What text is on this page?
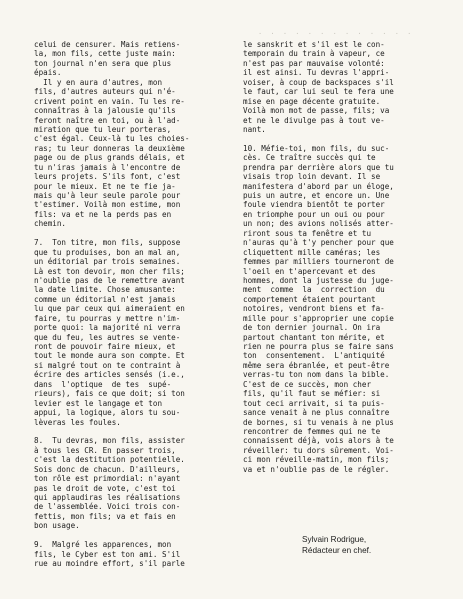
· · · · · · · · · · · · ·
celui de censurer. Mais retiens-
la, mon fils, cette juste main:
ton journal n'en sera que plus
épais.
Il y en aura d'autres, mon
fils, d'autres auteurs qui n'é-
crivent point en vain. Tu les re-
connaîtras à la jalousie qu'ils
feront naître en toi, ou à l'ad-
miration que tu leur porteras,
c'est égal. Ceux-là tu les choies-
ras; tu leur donneras la deuxième
page ou de plus grands délais, et
tu n'iras jamais à l'encontre de
leurs projets. S'ils font, c'est
pour le mieux. Et ne te fie ja-
mais qu'à leur seule parole pour
t'estimer. Voilà mon estime, mon
fils: va et ne la perds pas en
chemin.
7.  Ton titre, mon fils, suppose
que tu produises, bon an mal an,
un éditorial par trois semaines.
Là est ton devoir, mon cher fils;
n'oublie pas de le remettre avant
la date limite. Chose amusante:
comme un éditorial n'est jamais
lu que par ceux qui aimeraient en
faire, tu pourras y mettre n'im-
porte quoi: la majorité ni verra
que du feu, les autres se vente-
ront de pouvoir faire mieux, et
tout le monde aura son compte. Et
si malgré tout on te contraint à
écrire des articles sensés (i.e.,
dans  l'optique  de tes  supé-
rieurs), fais ce que doit; si ton
levier est le langage et ton
appui, la logique, alors tu sou-
lèveras les foules.
8.  Tu devras, mon fils, assister
à tous les CR. En passer trois,
c'est la destitution potentielle.
Sois donc de chacun. D'ailleurs,
ton rôle est primordial: n'ayant
pas le droit de vote, c'est toi
qui applaudiras les réalisations
de l'assemblée. Voici trois con-
fettis, mon fils; va et fais en
bon usage.
9.  Malgré les apparences, mon
fils, le Cyber est ton ami. S'il
rue au moindre effort, s'il parle
le sanskrit et s'il est le con-
temporain du train à vapeur, ce
n'est pas par mauvaise volonté:
il est ainsi. Tu devras l'appri-
voiser, à coup de backspaces s'il
le faut, car lui seul te fera une
mise en page décente gratuite.
Voilà mon mot de passe, fils; va
et ne le divulge pas à tout ve-
nant.
10. Méfie-toi, mon fils, du suc-
cès. Ce traître succès qui te
prendra par derrière alors que tu
visais trop loin devant. Il se
manifestera d'abord par un éloge,
puis un autre, et encore un. Une
foule viendra bientôt te porter
en triomphe pour un oui ou pour
un non; des avions nolisés atter-
riront sous ta fenêtre et tu
n'auras qu'à t'y pencher pour que
cliquettent mille caméras; les
femmes par milliers tourneront de
l'oeil en t'apercevant et des
hommes, dont la justesse du juge-
ment  comme  la  correction  du
comportement étaient pourtant
notoires, vendront biens et fa-
mille pour s'approprier une copie
de ton dernier journal. On ira
partout chantant ton mérite, et
rien ne pourra plus se faire sans
ton  consentement.  L'antiquité
même sera ébranlée, et peut-être
verras-tu ton nom dans la bible.
C'est de ce succès, mon cher
fils, qu'il faut se méfier: si
tout ceci arrivait, si ta puis-
sance venait à ne plus connaître
de bornes, si tu venais à ne plus
rencontrer de femmes qui ne te
connaissent déjà, vois alors à te
réveiller: tu dors sûrement. Voi-
ci mon réveille-matin, mon fils;
va et n'oublie pas de le régler.
Sylvain Rodrigue,
Rédacteur en chef.
